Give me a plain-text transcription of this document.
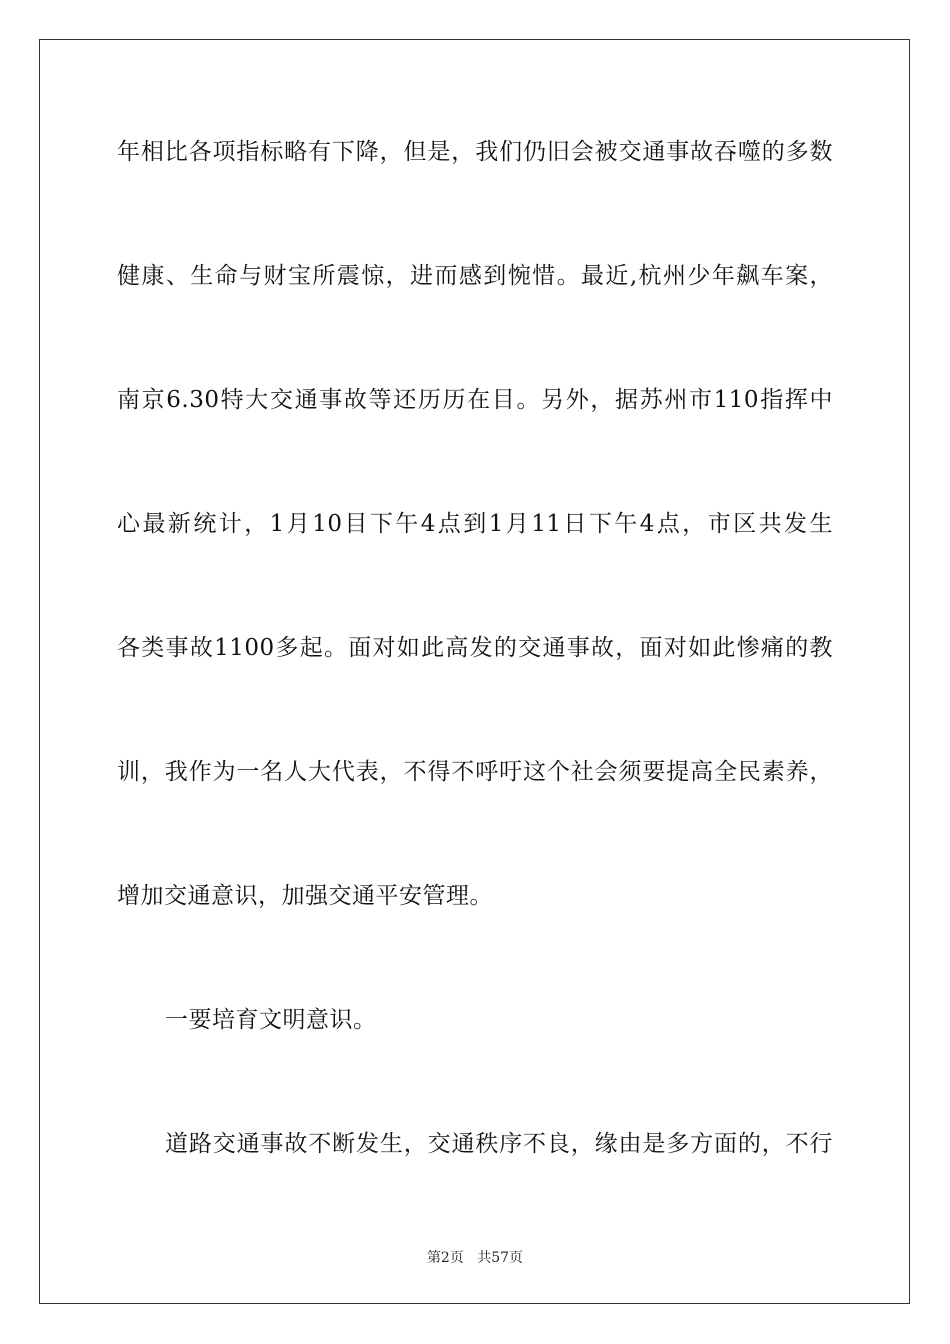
年相比各项指标略有下降，但是，我们仍旧会被交通事故吞噬的多数
健康、生命与财宝所震惊，进而感到惋惜。最近,杭州少年飙车案，
南京6.30特大交通事故等还历历在目。另外，据苏州市110指挥中
心最新统计，1月10目下午4点到1月11日下午4点，市区共发生
各类事故1100多起。面对如此高发的交通事故，面对如此惨痛的教
训，我作为一名人大代表，不得不呼吁这个社会须要提高全民素养，
增加交通意识，加强交通平安管理。
一要培育文明意识。
道路交通事故不断发生，交通秩序不良，缘由是多方面的，不行
第2页 共57页
